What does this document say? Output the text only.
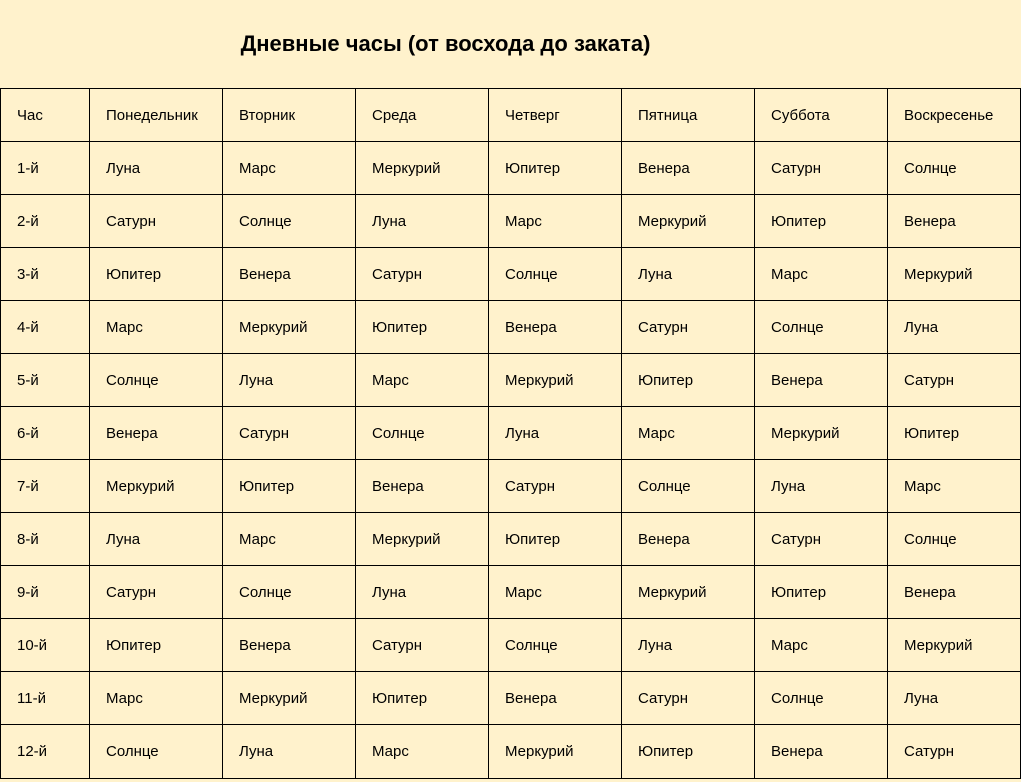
Дневные часы (от восхода до заката)
Час	Понедельник	Вторник	Среда	Четверг	Пятница	Суббота	Воскресенье
1-й	Луна	Марс	Меркурий	Юпитер	Венера	Сатурн	Солнце
2-й	Сатурн	Солнце	Луна	Марс	Меркурий	Юпитер	Венера
3-й	Юпитер	Венера	Сатурн	Солнце	Луна	Марс	Меркурий
4-й	Марс	Меркурий	Юпитер	Венера	Сатурн	Солнце	Луна
5-й	Солнце	Луна	Марс	Меркурий	Юпитер	Венера	Сатурн
6-й	Венера	Сатурн	Солнце	Луна	Марс	Меркурий	Юпитер
7-й	Меркурий	Юпитер	Венера	Сатурн	Солнце	Луна	Марс
8-й	Луна	Марс	Меркурий	Юпитер	Венера	Сатурн	Солнце
9-й	Сатурн	Солнце	Луна	Марс	Меркурий	Юпитер	Венера
10-й	Юпитер	Венера	Сатурн	Солнце	Луна	Марс	Меркурий
11-й	Марс	Меркурий	Юпитер	Венера	Сатурн	Солнце	Луна
12-й	Солнце	Луна	Марс	Меркурий	Юпитер	Венера	Сатурн
